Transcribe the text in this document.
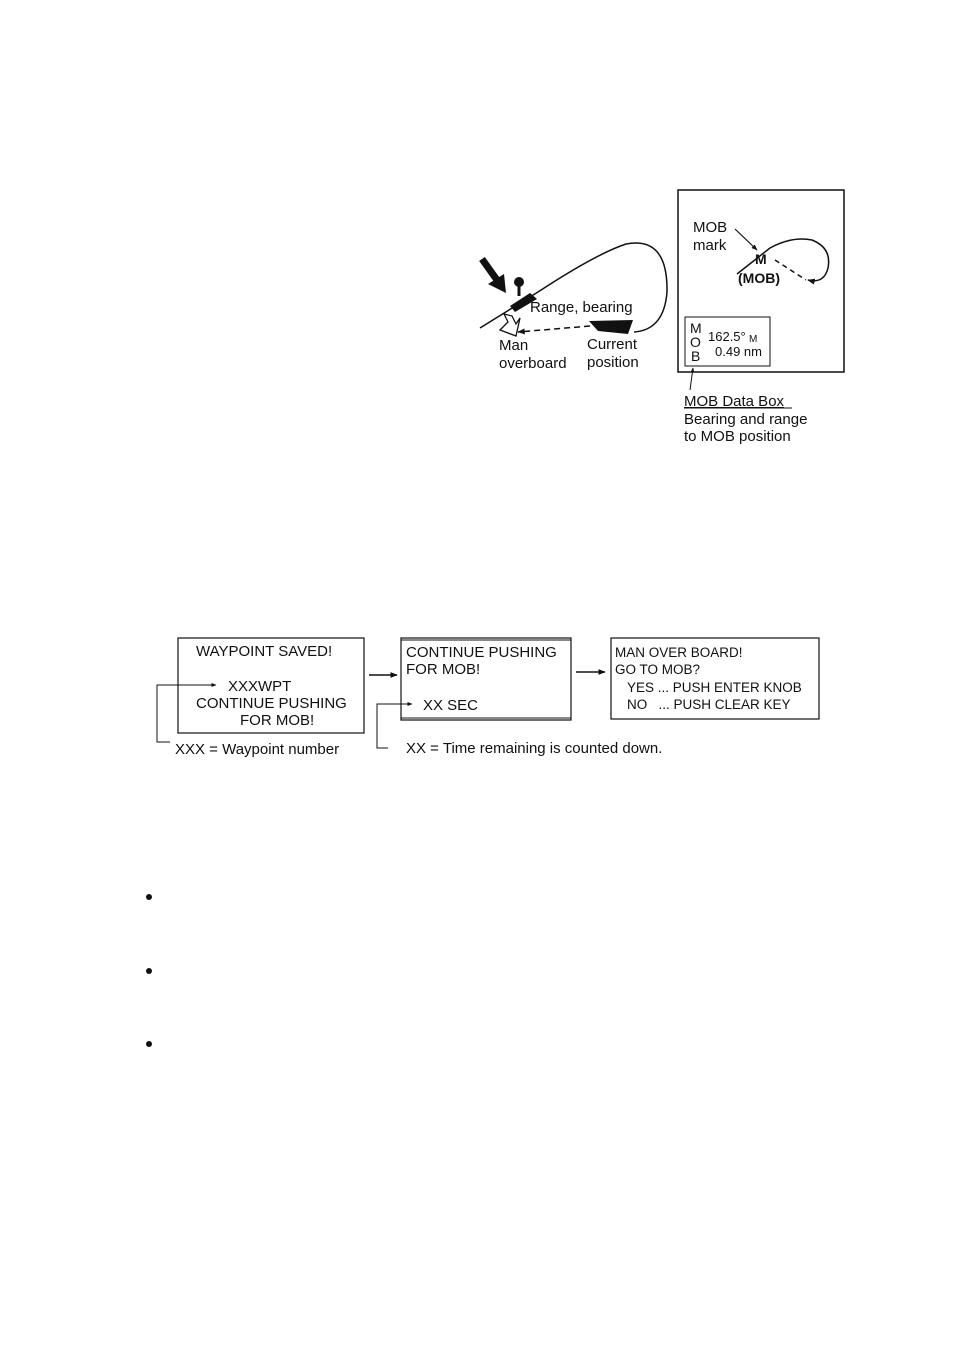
Range, bearing
Man
overboard
Current
position
MOB
mark
M
(MOB)
M
O
B
162.5° M
0.49 nm
MOB Data Box
Bearing and range
to MOB position
WAYPOINT SAVED!
XXXWPT
CONTINUE PUSHING
FOR MOB!
XXX = Waypoint number
CONTINUE PUSHING
FOR MOB!
XX SEC
XX = Time remaining is counted down.
MAN OVER BOARD!
GO TO MOB?
YES ... PUSH ENTER KNOB
NO   ... PUSH CLEAR KEY
